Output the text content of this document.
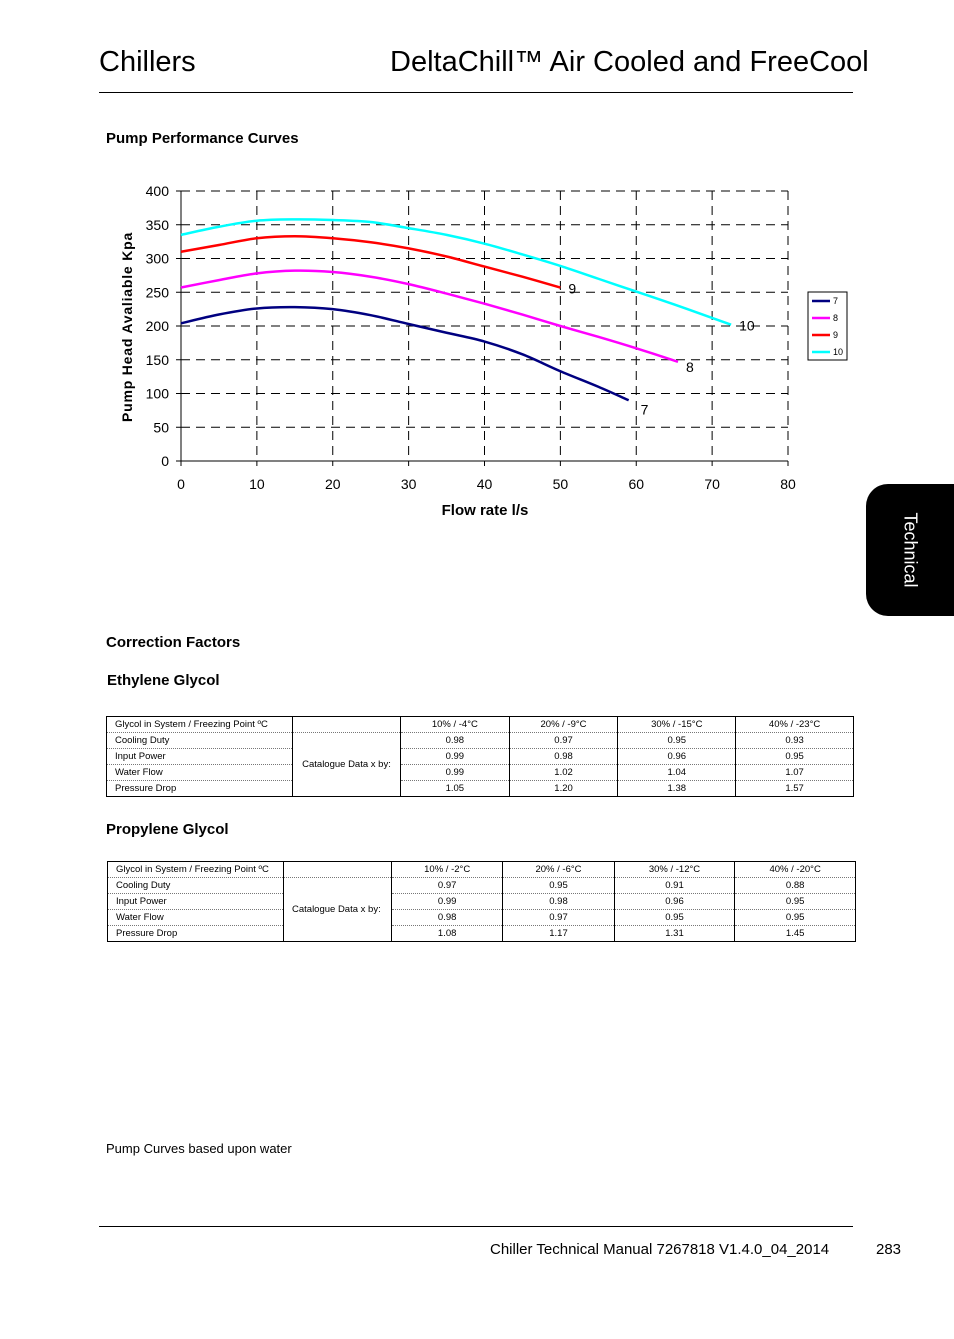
Chillers	DeltaChill™ Air Cooled and FreeCool
Technical
Pump Performance Curves
0
50
100
150
200
250
300
350
400
0	10	20	30	40	50	60	70	80
7
8
9
10
Flow rate l/s
Pump Head Avaliable Kpa	7
8
9
10
Correction Factors
Ethylene Glycol
Glycol in System / Freezing Point ºC		10% / -4°C	20% / -9°C	30% / -15°C	40% / -23°C
Cooling Duty	Catalogue Data x by:	0.98	0.97	0.95	0.93
Input Power		0.99	0.98	0.96	0.95
Water Flow		0.99	1.02	1.04	1.07
Pressure Drop		1.05	1.20	1.38	1.57
Propylene Glycol
Glycol in System / Freezing Point ºC		10% / -2°C	20% / -6°C	30% / -12°C	40% / -20°C
Cooling Duty	Catalogue Data x by:	0.97	0.95	0.91	0.88
Input Power		0.99	0.98	0.96	0.95
Water Flow		0.98	0.97	0.95	0.95
Pressure Drop		1.08	1.17	1.31	1.45
Pump Curves based upon water
Chiller Technical Manual 7267818 V1.4.0_04_2014	283
